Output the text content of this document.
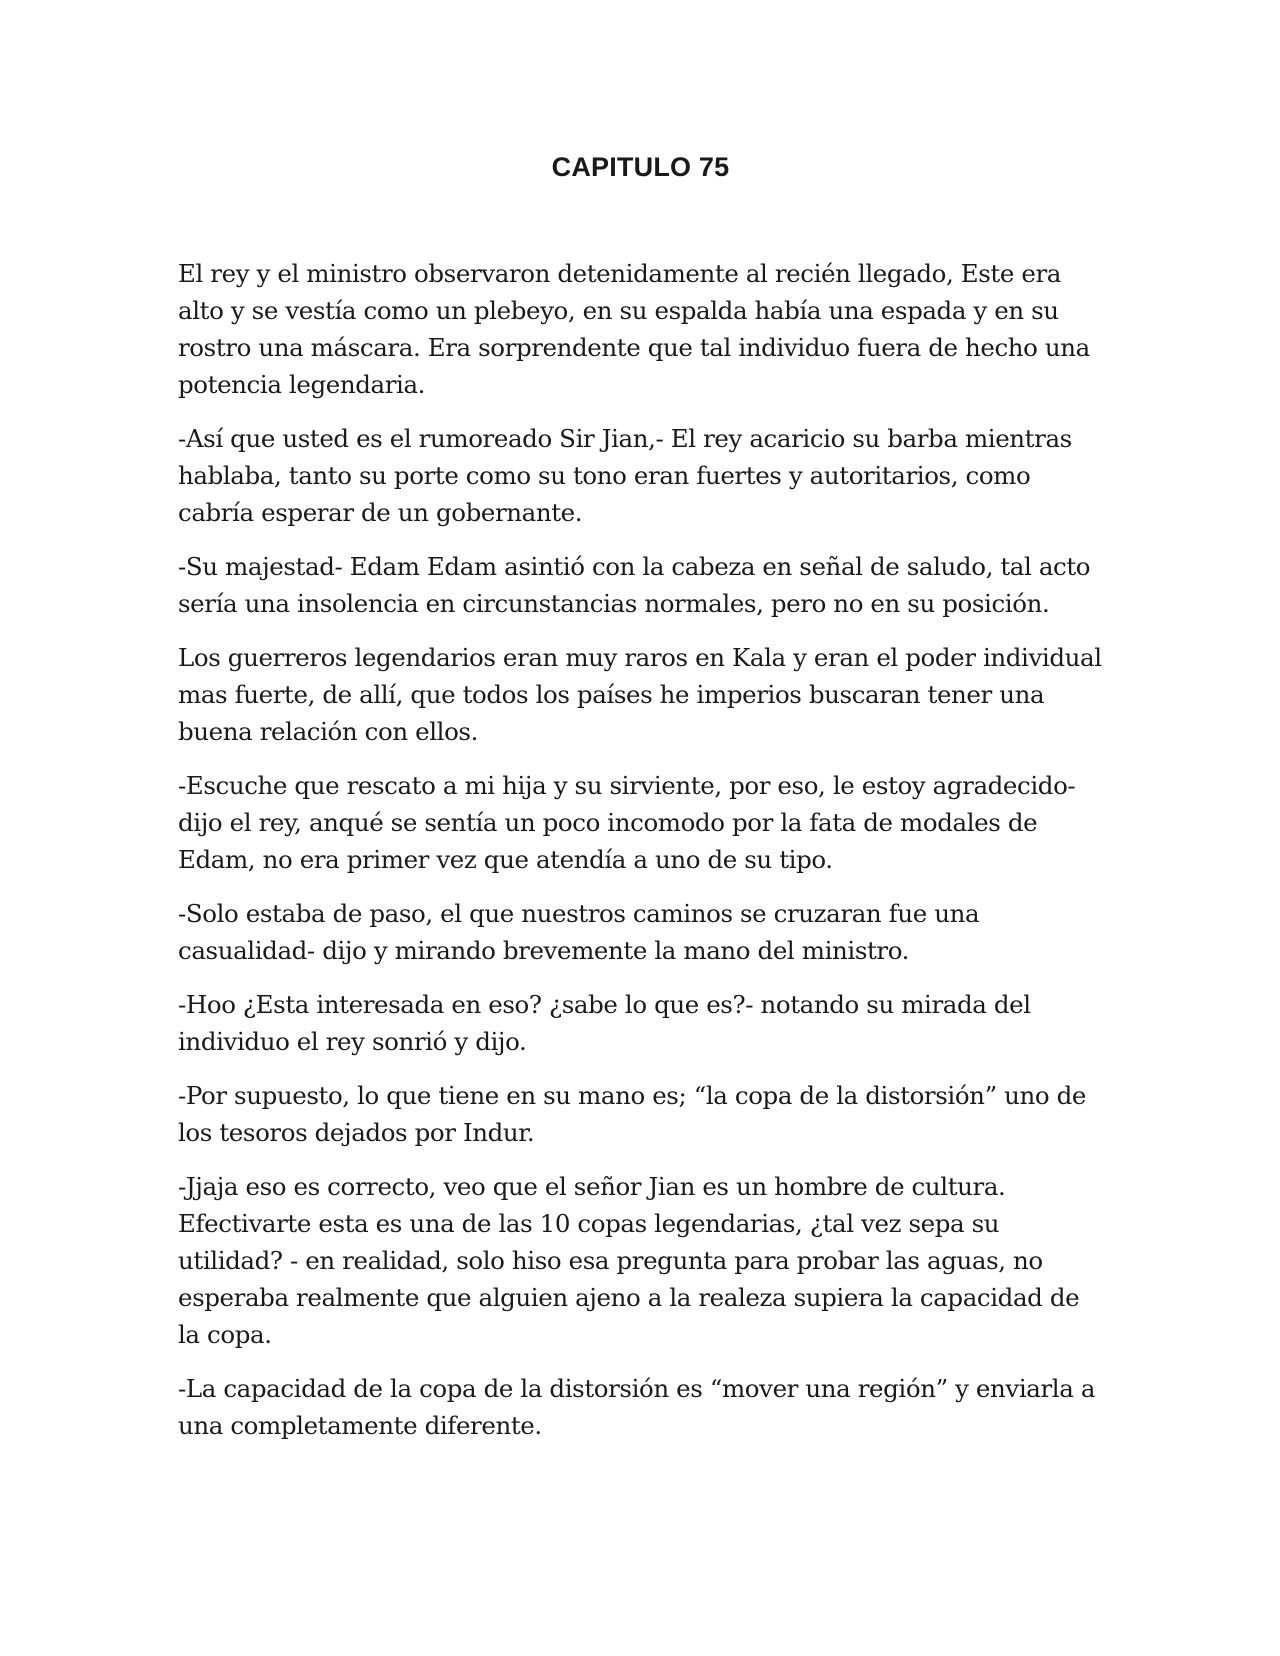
CAPITULO 75

El rey y el ministro observaron detenidamente al recién llegado, Este era alto y se vestía como un plebeyo, en su espalda había una espada y en su rostro una máscara. Era sorprendente que tal individuo fuera de hecho una potencia legendaria.

-Así que usted es el rumoreado Sir Jian,- El rey acaricio su barba mientras hablaba, tanto su porte como su tono eran fuertes y autoritarios, como cabría esperar de un gobernante.

-Su majestad- Edam Edam asintió con la cabeza en señal de saludo, tal acto sería una insolencia en circunstancias normales, pero no en su posición.

Los guerreros legendarios eran muy raros en Kala y eran el poder individual mas fuerte, de allí, que todos los países he imperios buscaran tener una buena relación con ellos.

-Escuche que rescato a mi hija y su sirviente, por eso, le estoy agradecido- dijo el rey, anqué se sentía un poco incomodo por la fata de modales de Edam, no era primer vez que atendía a uno de su tipo.

-Solo estaba de paso, el que nuestros caminos se cruzaran fue una casualidad- dijo y mirando brevemente la mano del ministro.

-Hoo ¿Esta interesada en eso? ¿sabe lo que es?- notando su mirada del individuo el rey sonrió y dijo.

-Por supuesto, lo que tiene en su mano es; “la copa de la distorsión” uno de los tesoros dejados por Indur.

-Jjaja eso es correcto, veo que el señor Jian es un hombre de cultura. Efectivarte esta es una de las 10 copas legendarias, ¿tal vez sepa su utilidad? - en realidad, solo hiso esa pregunta para probar las aguas, no esperaba realmente que alguien ajeno a la realeza supiera la capacidad de la copa.

-La capacidad de la copa de la distorsión es “mover una región” y enviarla a una completamente diferente.
